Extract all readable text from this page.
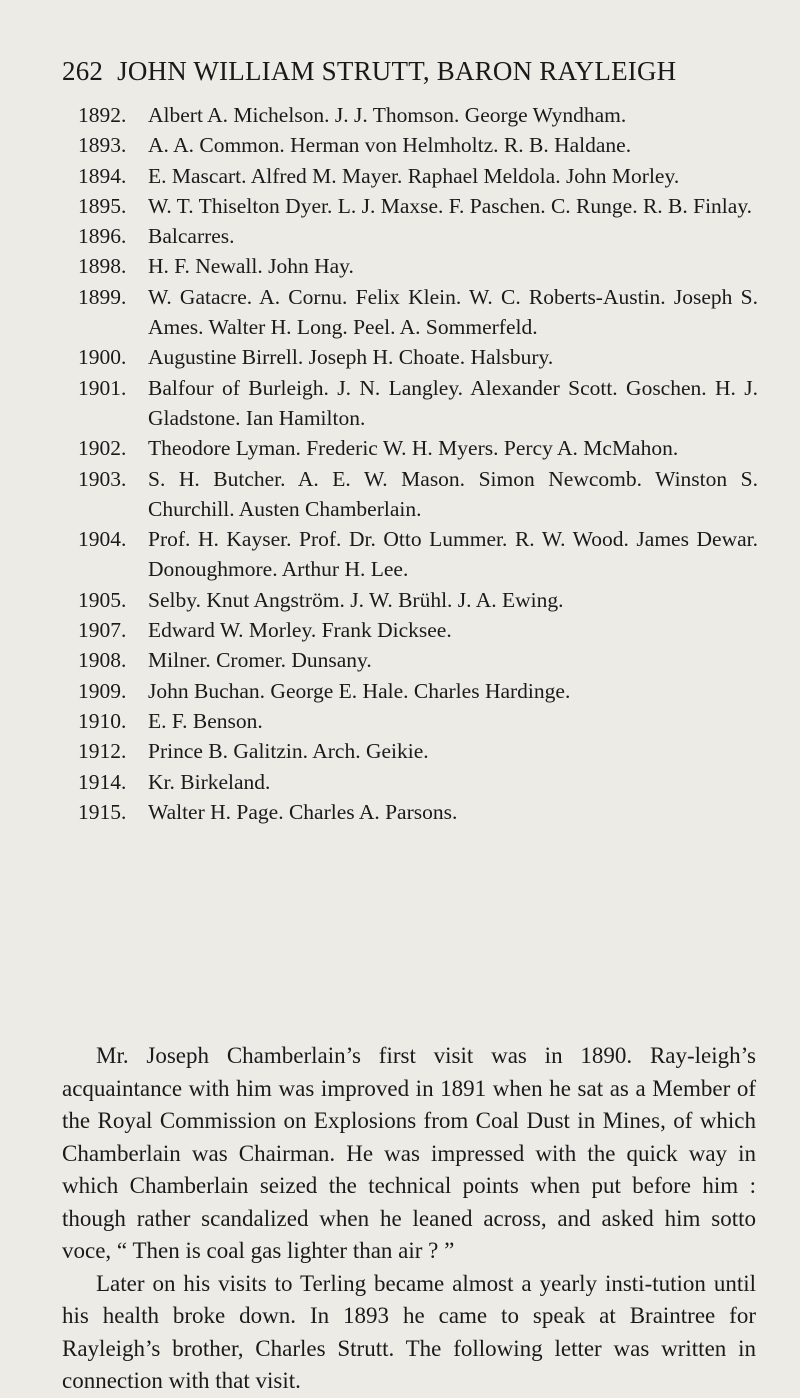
262 JOHN WILLIAM STRUTT, BARON RAYLEIGH
1892.	Albert A. Michelson. J. J. Thomson. George Wyndham.
1893.	A. A. Common. Herman von Helmholtz. R. B. Haldane.
1894.	E. Mascart. Alfred M. Mayer. Raphael Meldola. John Morley.
1895.	W. T. Thiselton Dyer. L. J. Maxse. F. Paschen. C. Runge. R. B. Finlay.
1896.	Balcarres.
1898.	H. F. Newall. John Hay.
1899.	W. Gatacre. A. Cornu. Felix Klein. W. C. Roberts-Austin. Joseph S. Ames. Walter H. Long. Peel. A. Sommerfeld.
1900.	Augustine Birrell. Joseph H. Choate. Halsbury.
1901.	Balfour of Burleigh. J. N. Langley. Alexander Scott. Goschen. H. J. Gladstone. Ian Hamilton.
1902.	Theodore Lyman. Frederic W. H. Myers. Percy A. McMahon.
1903.	S. H. Butcher. A. E. W. Mason. Simon Newcomb. Winston S. Churchill. Austen Chamberlain.
1904.	Prof. H. Kayser. Prof. Dr. Otto Lummer. R. W. Wood. James Dewar. Donoughmore. Arthur H. Lee.
1905.	Selby. Knut Angström. J. W. Brühl. J. A. Ewing.
1907.	Edward W. Morley. Frank Dicksee.
1908.	Milner. Cromer. Dunsany.
1909.	John Buchan. George E. Hale. Charles Hardinge.
1910.	E. F. Benson.
1912.	Prince B. Galitzin. Arch. Geikie.
1914.	Kr. Birkeland.
1915.	Walter H. Page. Charles A. Parsons.

Mr. Joseph Chamberlain’s first visit was in 1890. Ray-leigh’s acquaintance with him was improved in 1891 when he sat as a Member of the Royal Commission on Explosions from Coal Dust in Mines, of which Chamberlain was Chairman. He was impressed with the quick way in which Chamberlain seized the technical points when put before him : though rather scandalized when he leaned across, and asked him sotto voce, “ Then is coal gas lighter than air ? ”

Later on his visits to Terling became almost a yearly insti-tution until his health broke down. In 1893 he came to speak at Braintree for Rayleigh’s brother, Charles Strutt. The following letter was written in connection with that visit.
